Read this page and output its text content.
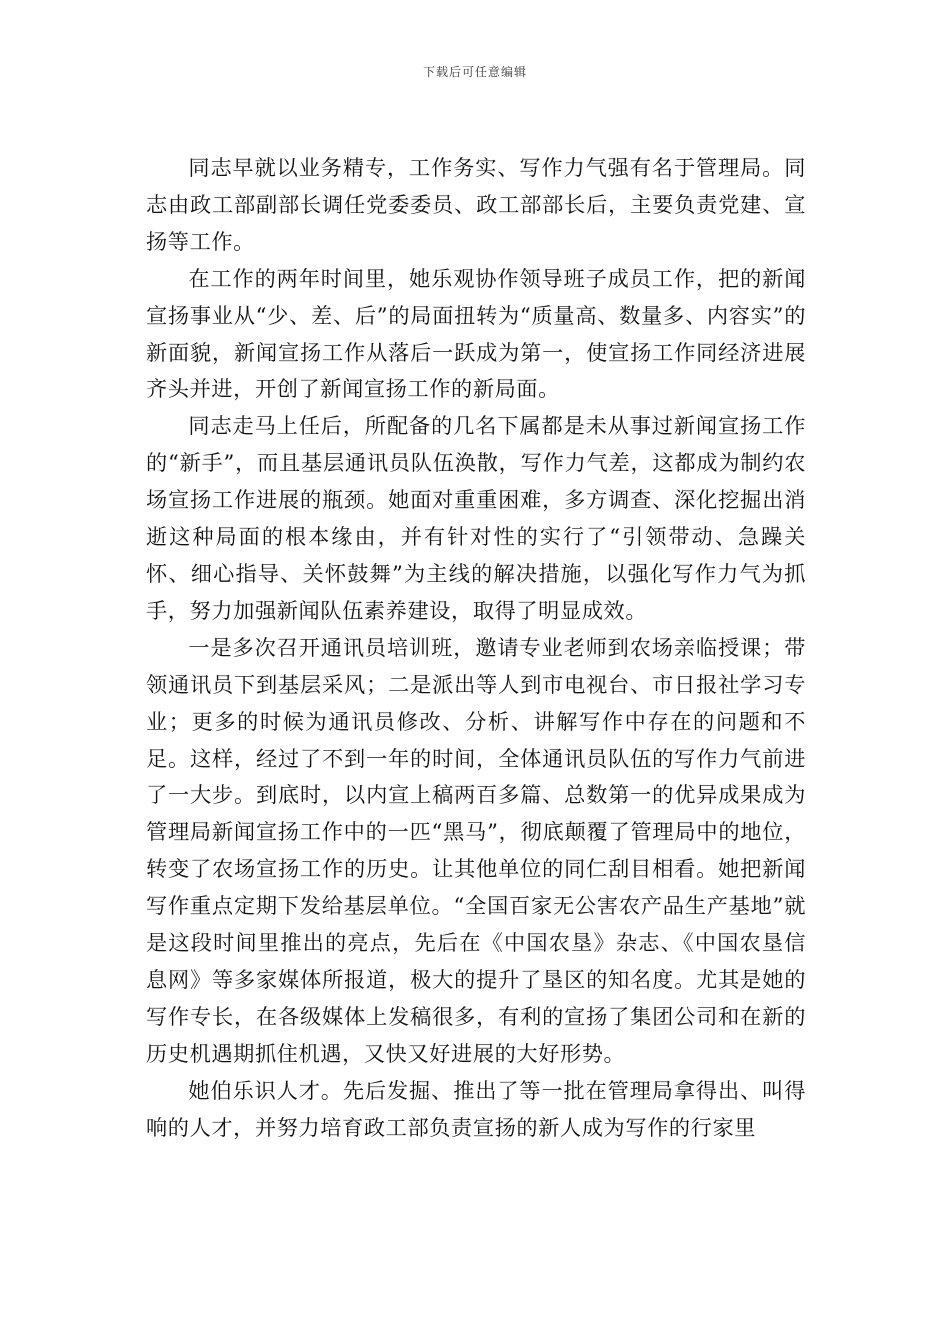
下载后可任意编辑

同志早就以业务精专，工作务实、写作力气强有名于管理局。同志由政工部副部长调任党委委员、政工部部长后，主要负责党建、宣扬等工作。

在工作的两年时间里，她乐观协作领导班子成员工作，把的新闻宣扬事业从“少、差、后”的局面扭转为“质量高、数量多、内容实”的新面貌，新闻宣扬工作从落后一跃成为第一，使宣扬工作同经济进展齐头并进，开创了新闻宣扬工作的新局面。

同志走马上任后，所配备的几名下属都是未从事过新闻宣扬工作的“新手”，而且基层通讯员队伍涣散，写作力气差，这都成为制约农场宣扬工作进展的瓶颈。她面对重重困难，多方调查、深化挖掘出消逝这种局面的根本缘由，并有针对性的实行了“引领带动、急躁关怀、细心指导、关怀鼓舞”为主线的解决措施，以强化写作力气为抓手，努力加强新闻队伍素养建设，取得了明显成效。

一是多次召开通讯员培训班，邀请专业老师到农场亲临授课；带领通讯员下到基层采风；二是派出等人到市电视台、市日报社学习专业；更多的时候为通讯员修改、分析、讲解写作中存在的问题和不足。这样，经过了不到一年的时间，全体通讯员队伍的写作力气前进了一大步。到底时，以内宣上稿两百多篇、总数第一的优异成果成为管理局新闻宣扬工作中的一匹“黑马”，彻底颠覆了管理局中的地位，转变了农场宣扬工作的历史。让其他单位的同仁刮目相看。她把新闻写作重点定期下发给基层单位。“全国百家无公害农产品生产基地”就是这段时间里推出的亮点，先后在《中国农垦》杂志、《中国农垦信息网》等多家媒体所报道，极大的提升了垦区的知名度。尤其是她的写作专长，在各级媒体上发稿很多，有利的宣扬了集团公司和在新的历史机遇期抓住机遇，又快又好进展的大好形势。

她伯乐识人才。先后发掘、推出了等一批在管理局拿得出、叫得响的人才，并努力培育政工部负责宣扬的新人成为写作的行家里
